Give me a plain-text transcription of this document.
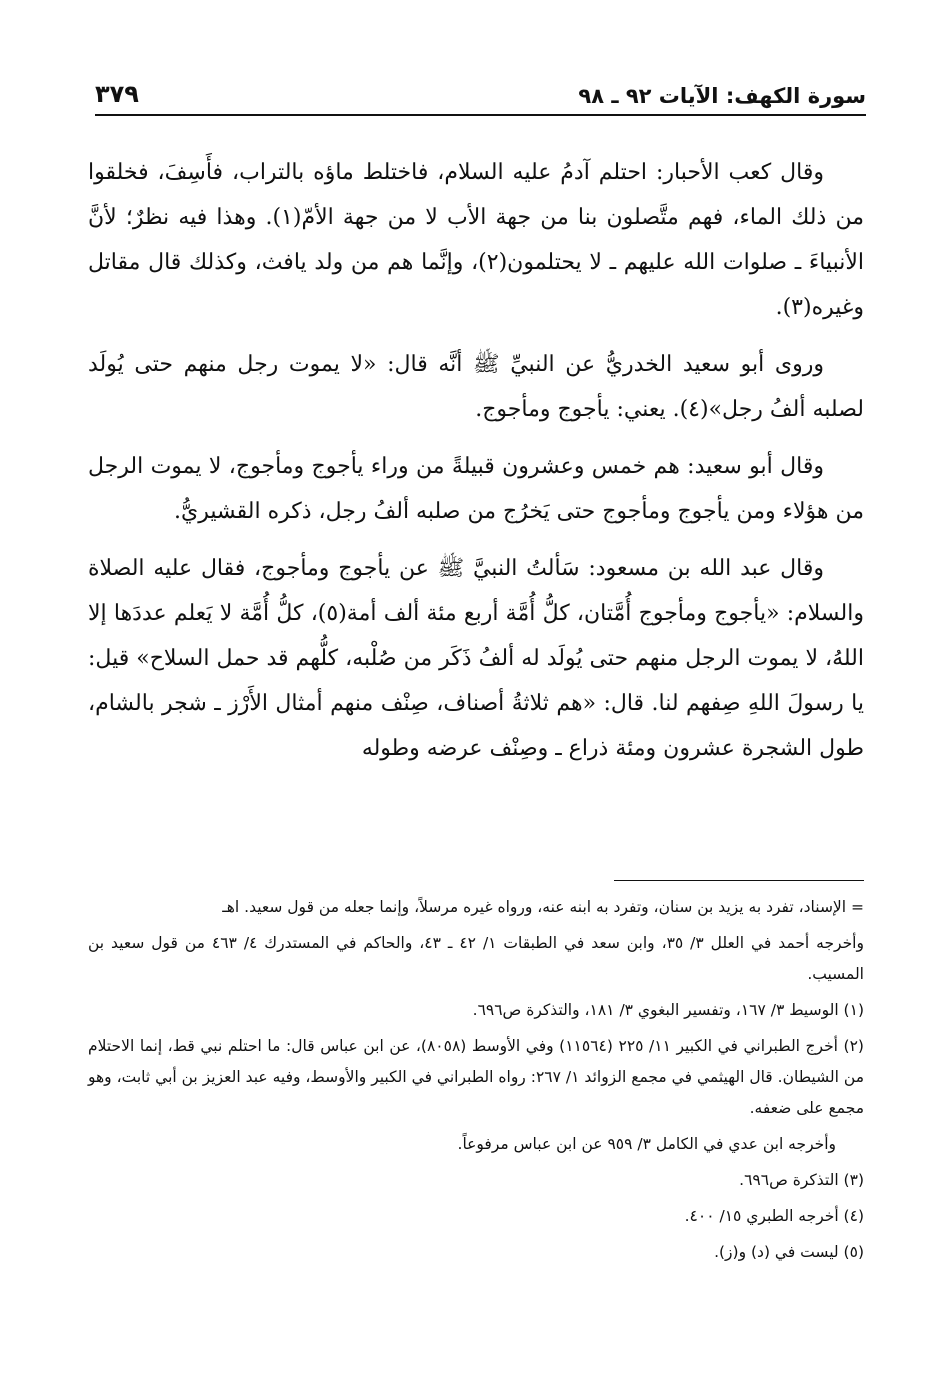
٣٧٩	سورة الكهف: الآيات ٩٢ ـ ٩٨

وقال كعب الأحبار: احتلم آدمُ عليه السلام، فاختلط ماؤه بالتراب، فأَسِفَ، فخلقوا من ذلك الماء، فهم متَّصلون بنا من جهة الأب لا من جهة الأمّ(١). وهذا فيه نظرٌ؛ لأنَّ الأنبياءَ ـ صلوات الله عليهم ـ لا يحتلمون(٢)، وإنَّما هم من ولد يافث، وكذلك قال مقاتل وغيره(٣).

وروى أبو سعيد الخدريُّ عن النبيِّ ﷺ أنَّه قال: «لا يموت رجل منهم حتى يُولَد لصلبه ألفُ رجل»(٤). يعني: يأجوج ومأجوج.

وقال أبو سعيد: هم خمس وعشرون قبيلةً من وراء يأجوج ومأجوج، لا يموت الرجل من هؤلاء ومن يأجوج ومأجوج حتى يَخرُج من صلبه ألفُ رجل، ذكره القشيريُّ.

وقال عبد الله بن مسعود: سَألتُ النبيَّ ﷺ عن يأجوج ومأجوج، فقال عليه الصلاة والسلام: «يأجوج ومأجوج أُمَّتان، كلُّ أُمَّة أربع مئة ألف أمة(٥)، كلُّ أُمَّة لا يَعلم عددَها إلا اللهُ، لا يموت الرجل منهم حتى يُولَد له ألفُ ذَكَر من صُلْبه، كلُّهم قد حمل السلاح» قيل: يا رسولَ اللهِ صِفهم لنا. قال: «هم ثلاثةُ أصناف، صِنْف منهم أمثال الأَرْز ـ شجر بالشام، طول الشجرة عشرون ومئة ذراع ـ وصِنْف عرضه وطوله

= الإسناد، تفرد به يزيد بن سنان، وتفرد به ابنه عنه، ورواه غيره مرسلاً، وإنما جعله من قول سعيد. اهـ

وأخرجه أحمد في العلل ٣/ ٣٥، وابن سعد في الطبقات ١/ ٤٢ ـ ٤٣، والحاكم في المستدرك ٤/ ٤٦٣ من قول سعيد بن المسيب.

(١) الوسيط ٣/ ١٦٧، وتفسير البغوي ٣/ ١٨١، والتذكرة ص٦٩٦.

(٢) أخرج الطبراني في الكبير ١١/ ٢٢٥ (١١٥٦٤) وفي الأوسط (٨٠٥٨)، عن ابن عباس قال: ما احتلم نبي قط، إنما الاحتلام من الشيطان. قال الهيثمي في مجمع الزوائد ١/ ٢٦٧: رواه الطبراني في الكبير والأوسط، وفيه عبد العزيز بن أبي ثابت، وهو مجمع على ضعفه.

وأخرجه ابن عدي في الكامل ٣/ ٩٥٩ عن ابن عباس مرفوعاً.

(٣) التذكرة ص٦٩٦.

(٤) أخرجه الطبري ١٥/ ٤٠٠.

(٥) ليست في (د) و(ز).
